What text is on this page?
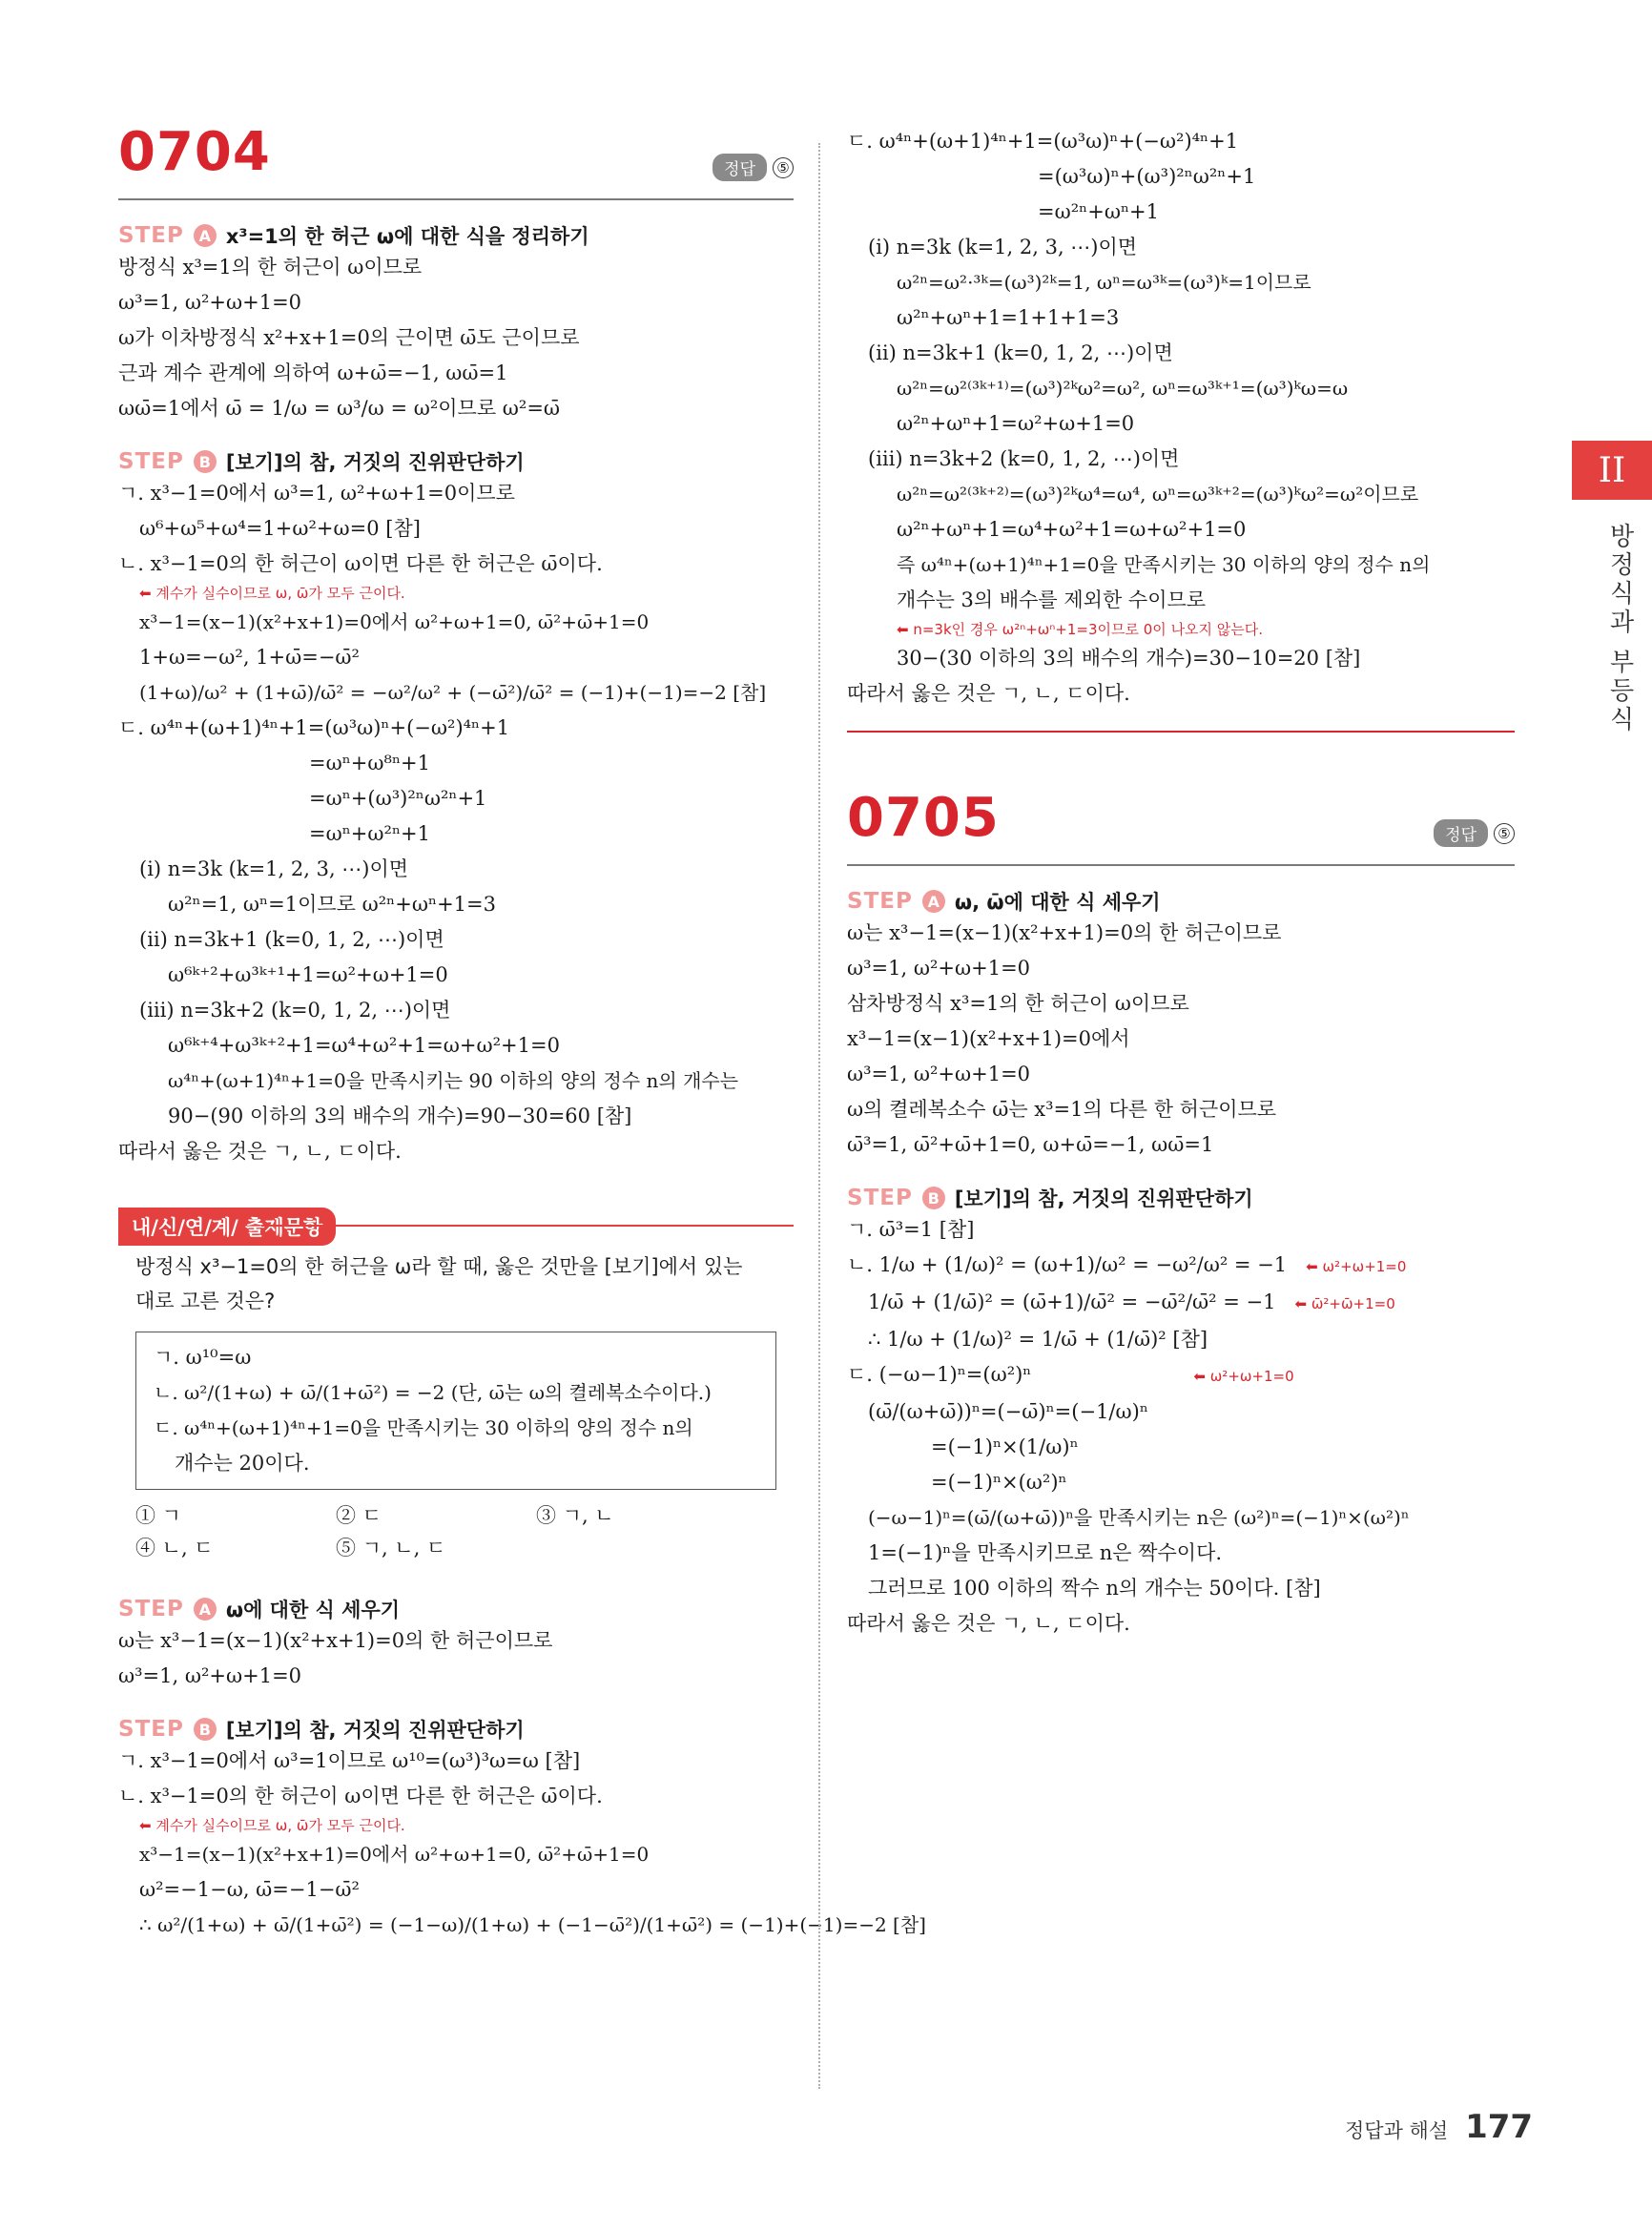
0704	정답	⑤
STEP A x³=1의 한 허근 ω에 대한 식을 정리하기
방정식 x³=1의 한 허근이 ω이므로
ω³=1, ω²+ω+1=0
ω가 이차방정식 x²+x+1=0의 근이면 ω̄도 근이므로
근과 계수 관계에 의하여 ω+ω̄=−1, ωω̄=1
ωω̄=1에서 ω̄ = 1/ω = ω³/ω = ω²이므로 ω²=ω̄
STEP B [보기]의 참, 거짓의 진위판단하기
ㄱ. x³−1=0에서 ω³=1, ω²+ω+1=0이므로
ω⁶+ω⁵+ω⁴=1+ω²+ω=0 [참]
ㄴ. x³−1=0의 한 허근이 ω이면 다른 한 허근은 ω̄이다.
⬅ 계수가 실수이므로 ω, ω̄가 모두 근이다.
x³−1=(x−1)(x²+x+1)=0에서 ω²+ω+1=0, ω̄²+ω̄+1=0
1+ω=−ω², 1+ω̄=−ω̄²
(1+ω)/ω² + (1+ω̄)/ω̄² = −ω²/ω² + (−ω̄²)/ω̄² = (−1)+(−1)=−2 [참]
ㄷ. ω⁴ⁿ+(ω+1)⁴ⁿ+1=(ω³ω)ⁿ+(−ω²)⁴ⁿ+1
=ωⁿ+ω⁸ⁿ+1
=ωⁿ+(ω³)²ⁿω²ⁿ+1
=ωⁿ+ω²ⁿ+1
(ⅰ) n=3k (k=1, 2, 3, ⋯)이면
ω²ⁿ=1, ωⁿ=1이므로 ω²ⁿ+ωⁿ+1=3
(ⅱ) n=3k+1 (k=0, 1, 2, ⋯)이면
ω⁶ᵏ⁺²+ω³ᵏ⁺¹+1=ω²+ω+1=0
(ⅲ) n=3k+2 (k=0, 1, 2, ⋯)이면
ω⁶ᵏ⁺⁴+ω³ᵏ⁺²+1=ω⁴+ω²+1=ω+ω²+1=0
ω⁴ⁿ+(ω+1)⁴ⁿ+1=0을 만족시키는 90 이하의 양의 정수 n의 개수는
90−(90 이하의 3의 배수의 개수)=90−30=60 [참]
따라서 옳은 것은 ㄱ, ㄴ, ㄷ이다.
내/신/연/계/ 출제문항
방정식 x³−1=0의 한 허근을 ω라 할 때, 옳은 것만을 [보기]에서 있는
대로 고른 것은?
ㄱ. ω¹⁰=ω
ㄴ. ω²/(1+ω) + ω̄/(1+ω̄²) = −2 (단, ω̄는 ω의 켤레복소수이다.)
ㄷ. ω⁴ⁿ+(ω+1)⁴ⁿ+1=0을 만족시키는 30 이하의 양의 정수 n의
개수는 20이다.
① ㄱ	② ㄷ	③ ㄱ, ㄴ
④ ㄴ, ㄷ	⑤ ㄱ, ㄴ, ㄷ
STEP A ω에 대한 식 세우기
ω는 x³−1=(x−1)(x²+x+1)=0의 한 허근이므로
ω³=1, ω²+ω+1=0
STEP B [보기]의 참, 거짓의 진위판단하기
ㄱ. x³−1=0에서 ω³=1이므로 ω¹⁰=(ω³)³ω=ω [참]
ㄴ. x³−1=0의 한 허근이 ω이면 다른 한 허근은 ω̄이다.
⬅ 계수가 실수이므로 ω, ω̄가 모두 근이다.
x³−1=(x−1)(x²+x+1)=0에서 ω²+ω+1=0, ω̄²+ω̄+1=0
ω²=−1−ω, ω̄=−1−ω̄²
∴ ω²/(1+ω) + ω̄/(1+ω̄²) = (−1−ω)/(1+ω) + (−1−ω̄²)/(1+ω̄²) = (−1)+(−1)=−2 [참]
ㄷ. ω⁴ⁿ+(ω+1)⁴ⁿ+1=(ω³ω)ⁿ+(−ω²)⁴ⁿ+1
=(ω³ω)ⁿ+(ω³)²ⁿω²ⁿ+1
=ω²ⁿ+ωⁿ+1
(ⅰ) n=3k (k=1, 2, 3, ⋯)이면
ω²ⁿ=ω²·³ᵏ=(ω³)²ᵏ=1, ωⁿ=ω³ᵏ=(ω³)ᵏ=1이므로
ω²ⁿ+ωⁿ+1=1+1+1=3
(ⅱ) n=3k+1 (k=0, 1, 2, ⋯)이면
ω²ⁿ=ω²⁽³ᵏ⁺¹⁾=(ω³)²ᵏω²=ω², ωⁿ=ω³ᵏ⁺¹=(ω³)ᵏω=ω
ω²ⁿ+ωⁿ+1=ω²+ω+1=0
(ⅲ) n=3k+2 (k=0, 1, 2, ⋯)이면
ω²ⁿ=ω²⁽³ᵏ⁺²⁾=(ω³)²ᵏω⁴=ω⁴, ωⁿ=ω³ᵏ⁺²=(ω³)ᵏω²=ω²이므로
ω²ⁿ+ωⁿ+1=ω⁴+ω²+1=ω+ω²+1=0
즉 ω⁴ⁿ+(ω+1)⁴ⁿ+1=0을 만족시키는 30 이하의 양의 정수 n의
개수는 3의 배수를 제외한 수이므로
⬅ n=3k인 경우 ω²ⁿ+ωⁿ+1=3이므로 0이 나오지 않는다.
30−(30 이하의 3의 배수의 개수)=30−10=20 [참]
따라서 옳은 것은 ㄱ, ㄴ, ㄷ이다.
0705	정답	⑤
STEP A ω, ω̄에 대한 식 세우기
ω는 x³−1=(x−1)(x²+x+1)=0의 한 허근이므로
ω³=1, ω²+ω+1=0
삼차방정식 x³=1의 한 허근이 ω이므로
x³−1=(x−1)(x²+x+1)=0에서
ω³=1, ω²+ω+1=0
ω의 켤레복소수 ω̄는 x³=1의 다른 한 허근이므로
ω̄³=1, ω̄²+ω̄+1=0, ω+ω̄=−1, ωω̄=1
STEP B [보기]의 참, 거짓의 진위판단하기
ㄱ. ω̄³=1 [참]
ㄴ. 1/ω + (1/ω)² = (ω+1)/ω² = −ω²/ω² = −1 ⬅ ω²+ω+1=0
1/ω̄ + (1/ω̄)² = (ω̄+1)/ω̄² = −ω̄²/ω̄² = −1 ⬅ ω̄²+ω̄+1=0
∴ 1/ω + (1/ω)² = 1/ω̄ + (1/ω̄)² [참]
ㄷ. (−ω−1)ⁿ=(ω²)ⁿ	⬅ ω²+ω+1=0
(ω̄/(ω+ω̄))ⁿ=(−ω̄)ⁿ=(−1/ω)ⁿ
=(−1)ⁿ×(1/ω)ⁿ
=(−1)ⁿ×(ω²)ⁿ
(−ω−1)ⁿ=(ω̄/(ω+ω̄))ⁿ을 만족시키는 n은 (ω²)ⁿ=(−1)ⁿ×(ω²)ⁿ
1=(−1)ⁿ을 만족시키므로 n은 짝수이다.
그러므로 100 이하의 짝수 n의 개수는 50이다. [참]
따라서 옳은 것은 ㄱ, ㄴ, ㄷ이다.
II
방정식과 부등식
정답과 해설 177
